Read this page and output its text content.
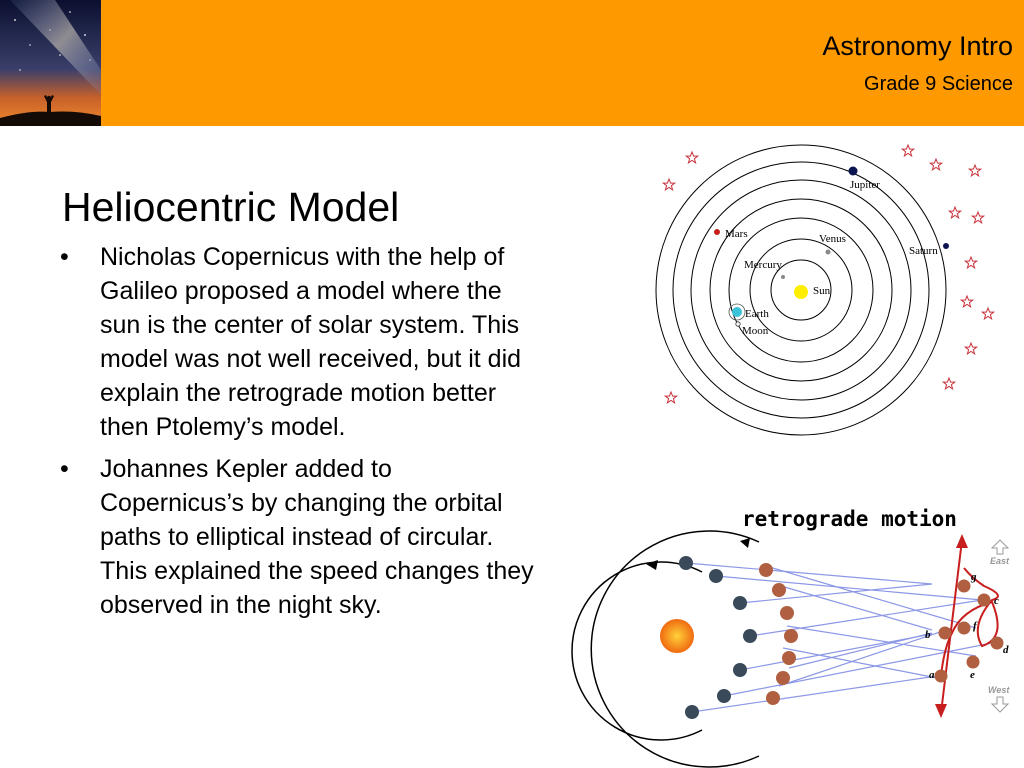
Astronomy Intro
Grade 9 Science
Heliocentric Model
• Nicholas Copernicus with the help of Galileo proposed a model where the sun is the center of solar system. This model was not well received, but it did explain the retrograde motion better then Ptolemy’s model.
• Johannes Kepler added to Copernicus’s by changing the orbital paths to elliptical instead of circular. This explained the speed changes they observed in the night sky.
Sun
Mercury
Venus
Earth
Moon
Mars
Jupiter
Saturn
retrograde motion
a
b
c
d
e
f
g
East
West
